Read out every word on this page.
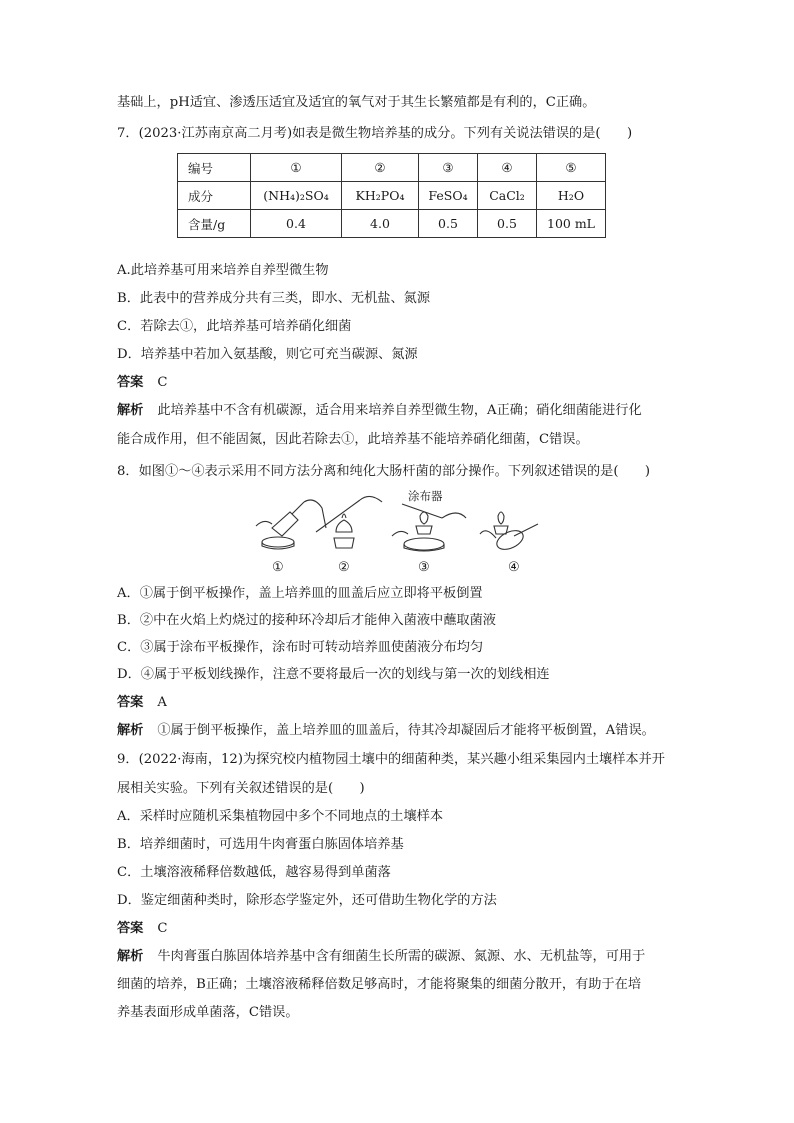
基础上，pH适宜、渗透压适宜及适宜的氧气对于其生长繁殖都是有利的，C正确。
7．(2023·江苏南京高二月考)如表是微生物培养基的成分。下列有关说法错误的是(　　)
编号	①	②	③	④	⑤
成分	(NH₄)₂SO₄	KH₂PO₄	FeSO₄	CaCl₂	H₂O
含量/g	0.4	4.0	0.5	0.5	100 mL
A.此培养基可用来培养自养型微生物
B．此表中的营养成分共有三类，即水、无机盐、氮源
C．若除去①，此培养基可培养硝化细菌
D．培养基中若加入氨基酸，则它可充当碳源、氮源
答案 C
解析 此培养基中不含有机碳源，适合用来培养自养型微生物，A正确；硝化细菌能进行化
能合成作用，但不能固氮，因此若除去①，此培养基不能培养硝化细菌，C错误。
8．如图①～④表示采用不同方法分离和纯化大肠杆菌的部分操作。下列叙述错误的是(　　)
涂布器
①	②	③	④
A．①属于倒平板操作，盖上培养皿的皿盖后应立即将平板倒置
B．②中在火焰上灼烧过的接种环冷却后才能伸入菌液中蘸取菌液
C．③属于涂布平板操作，涂布时可转动培养皿使菌液分布均匀
D．④属于平板划线操作，注意不要将最后一次的划线与第一次的划线相连
答案 A
解析 ①属于倒平板操作，盖上培养皿的皿盖后，待其冷却凝固后才能将平板倒置，A错误。
9．(2022·海南，12)为探究校内植物园土壤中的细菌种类，某兴趣小组采集园内土壤样本并开
展相关实验。下列有关叙述错误的是(　　)
A．采样时应随机采集植物园中多个不同地点的土壤样本
B．培养细菌时，可选用牛肉膏蛋白胨固体培养基
C．土壤溶液稀释倍数越低，越容易得到单菌落
D．鉴定细菌种类时，除形态学鉴定外，还可借助生物化学的方法
答案 C
解析 牛肉膏蛋白胨固体培养基中含有细菌生长所需的碳源、氮源、水、无机盐等，可用于
细菌的培养，B正确；土壤溶液稀释倍数足够高时，才能将聚集的细菌分散开，有助于在培
养基表面形成单菌落，C错误。
